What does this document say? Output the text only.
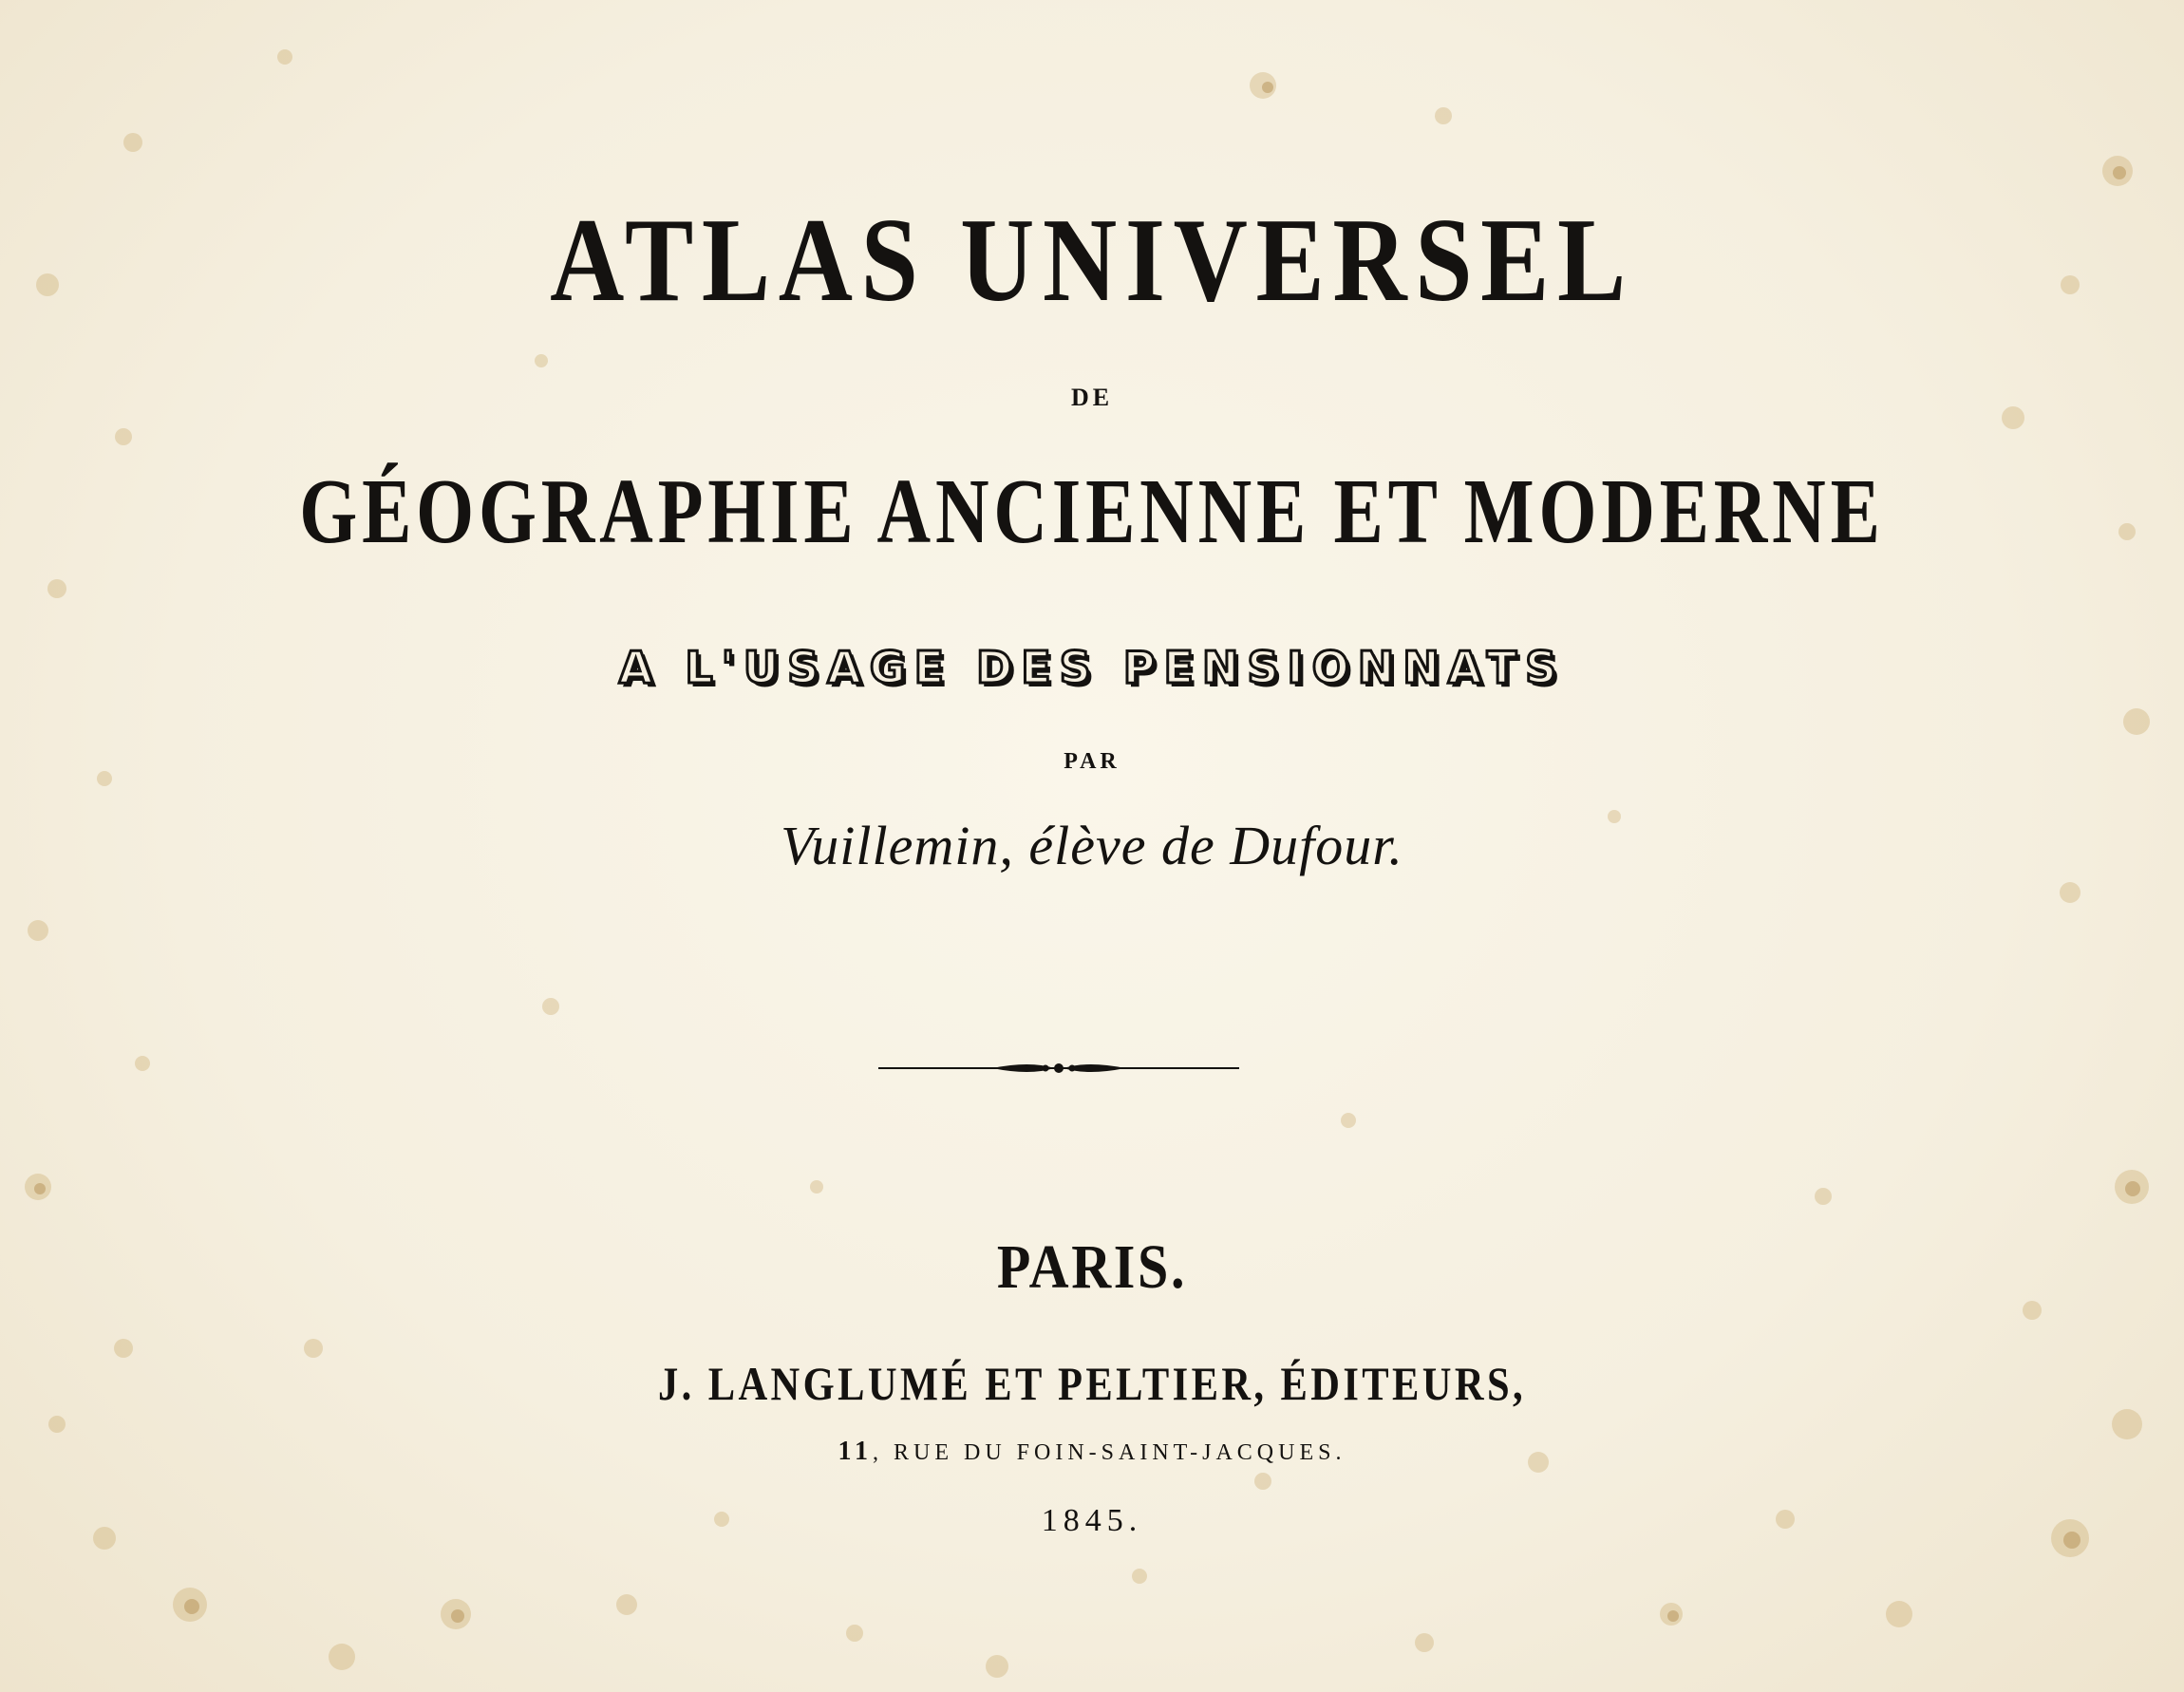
ATLAS UNIVERSEL
DE
GÉOGRAPHIE ANCIENNE ET MODERNE
A L'USAGE DES PENSIONNATS
PAR
Vuillemin, élève de Dufour.
PARIS.
J. LANGLUMÉ ET PELTIER, ÉDITEURS,
11, RUE DU FOIN-SAINT-JACQUES.
1845.
